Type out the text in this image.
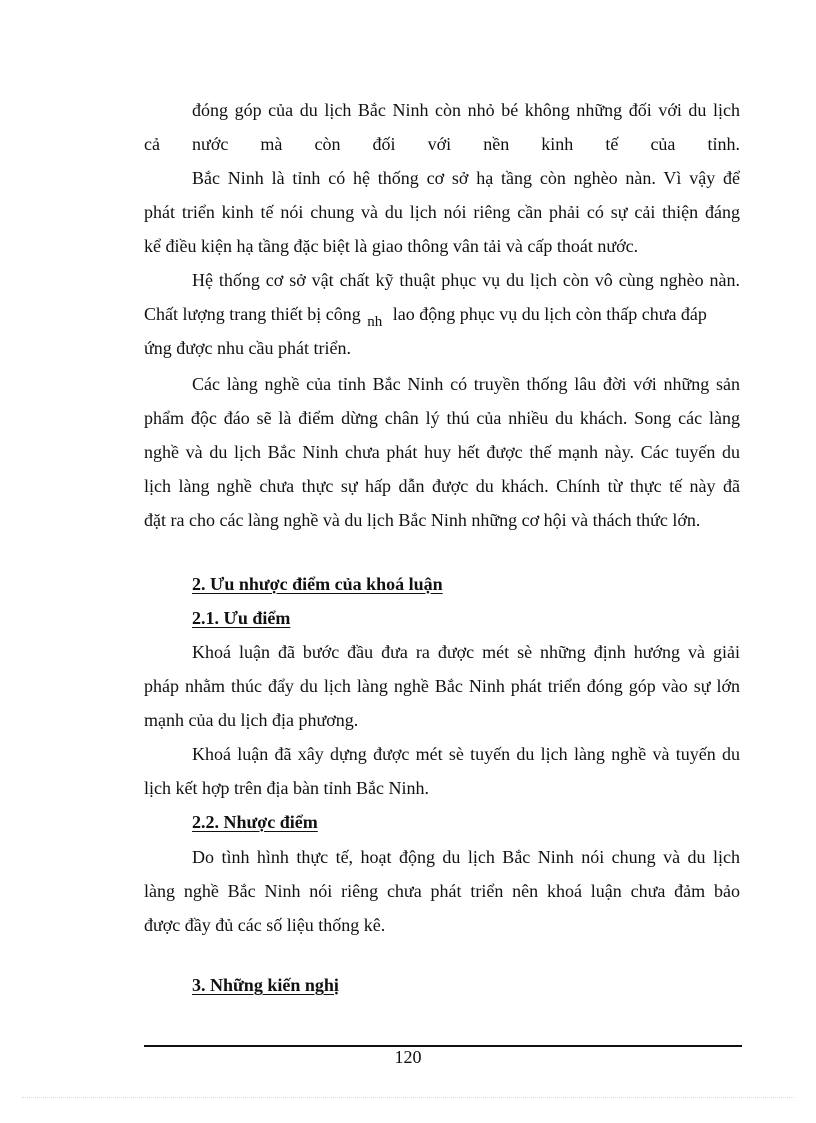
đóng góp của du lịch Bắc Ninh còn nhỏ bé không những đối với du lịch
cả nước mà còn đối với nền kinh tế của tỉnh.
Bắc Ninh là tỉnh có hệ thống cơ sở hạ tầng còn nghèo nàn. Vì vậy để
phát triển kinh tế nói chung và du lịch nói riêng cần phải có sự cải thiện đáng
kể điều kiện hạ tầng đặc biệt là giao thông vân tải và cấp thoát nước.
Hệ thống cơ sở vật chất kỹ thuật phục vụ du lịch còn vô cùng nghèo nàn.
Chất lượng trang thiết bị công nh lao động phục vụ du lịch còn thấp chưa đáp
ứng được nhu cầu phát triển.
Các làng nghề của tỉnh Bắc Ninh có truyền thống lâu đời với những sản
phẩm độc đáo sẽ là điểm dừng chân lý thú của nhiều du khách. Song các làng
nghề và du lịch Bắc Ninh chưa phát huy hết được thế mạnh này. Các tuyến du
lịch làng nghề chưa thực sự hấp dẫn được du khách. Chính từ thực tế này đã
đặt ra cho các làng nghề và du lịch Bắc Ninh những cơ hội và thách thức lớn.
2. Ưu nhược điểm của khoá luận
2.1. Ưu điểm
Khoá luận đã bước đầu đưa ra được mét sè những định hướng và giải
pháp nhằm thúc đẩy du lịch làng nghề Bắc Ninh phát triển đóng góp vào sự lớn
mạnh của du lịch địa phương.
Khoá luận đã xây dựng được mét sè tuyến du lịch làng nghề và tuyến du
lịch kết hợp trên địa bàn tỉnh Bắc Ninh.
2.2. Nhược điểm
Do tình hình thực tế, hoạt động du lịch Bắc Ninh nói chung và du lịch
làng nghề Bắc Ninh nói riêng chưa phát triển nên khoá luận chưa đảm bảo
được đầy đủ các số liệu thống kê.
3. Những kiến nghị
120
